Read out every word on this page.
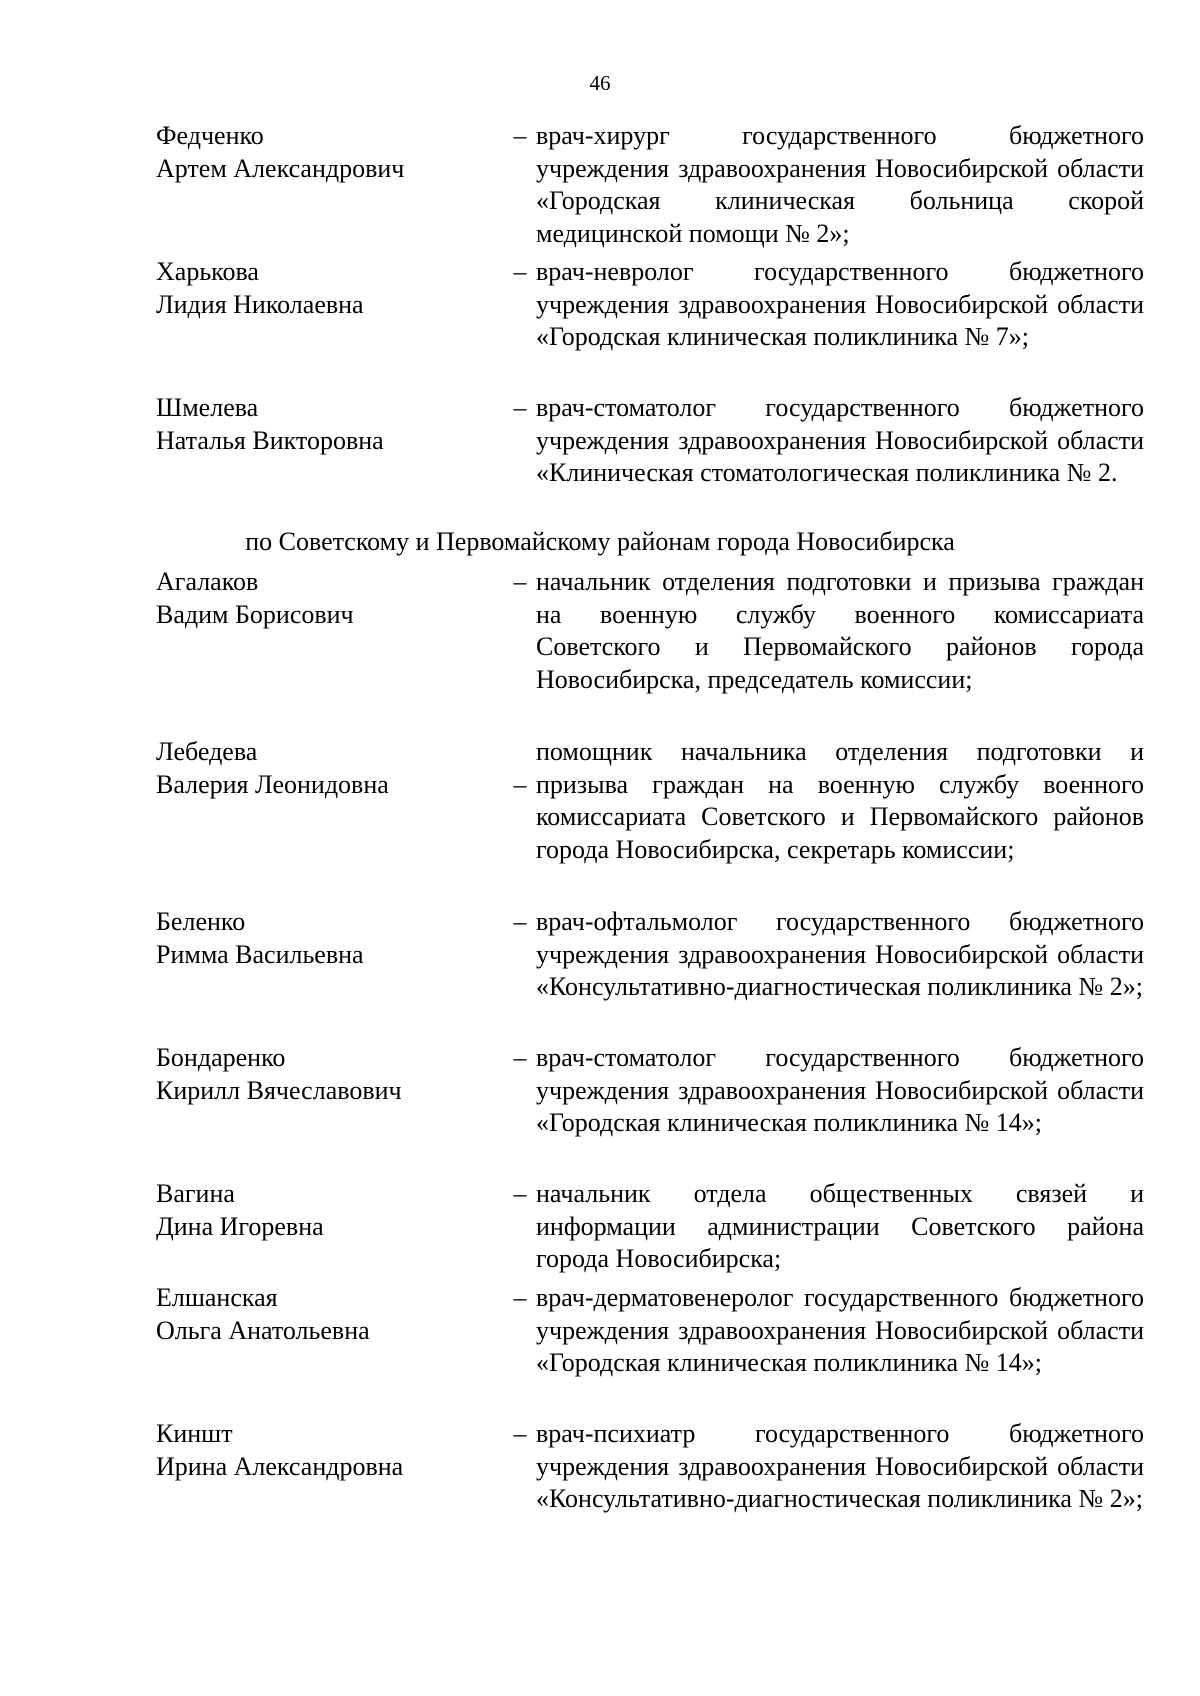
46
Федченко
Артем Александрович
– врач-хирург государственного бюджетного учреждения здравоохранения Новосибирской области «Городская клиническая больница скорой медицинской помощи № 2»;
Харькова
Лидия Николаевна
– врач-невролог государственного бюджетного учреждения здравоохранения Новосибирской области «Городская клиническая поликлиника № 7»;
Шмелева
Наталья Викторовна
– врач-стоматолог государственного бюджетного учреждения здравоохранения Новосибирской области «Клиническая стоматологическая поликлиника № 2.
по Советскому и Первомайскому районам города Новосибирска
Агалаков
Вадим Борисович
– начальник отделения подготовки и призыва граждан на военную службу военного комиссариата Советского и Первомайского районов города Новосибирска, председатель комиссии;
Лебедева
Валерия Леонидовна	–
помощник начальника отделения подготовки и призыва граждан на военную службу военного комиссариата Советского и Первомайского районов города Новосибирска, секретарь комиссии;
Беленко
Римма Васильевна
– врач-офтальмолог государственного бюджетного учреждения здравоохранения Новосибирской области «Консультативно-диагностическая поликлиника № 2»;
Бондаренко
Кирилл Вячеславович
– врач-стоматолог государственного бюджетного учреждения здравоохранения Новосибирской области «Городская клиническая поликлиника № 14»;
Вагина
Дина Игоревна
– начальник отдела общественных связей и информации администрации Советского района города Новосибирска;
Елшанская
Ольга Анатольевна
– врач-дерматовенеролог государственного бюджетного учреждения здравоохранения Новосибирской области «Городская клиническая поликлиника № 14»;
Киншт
Ирина Александровна
– врач-психиатр государственного бюджетного учреждения здравоохранения Новосибирской области «Консультативно-диагностическая поликлиника № 2»;
